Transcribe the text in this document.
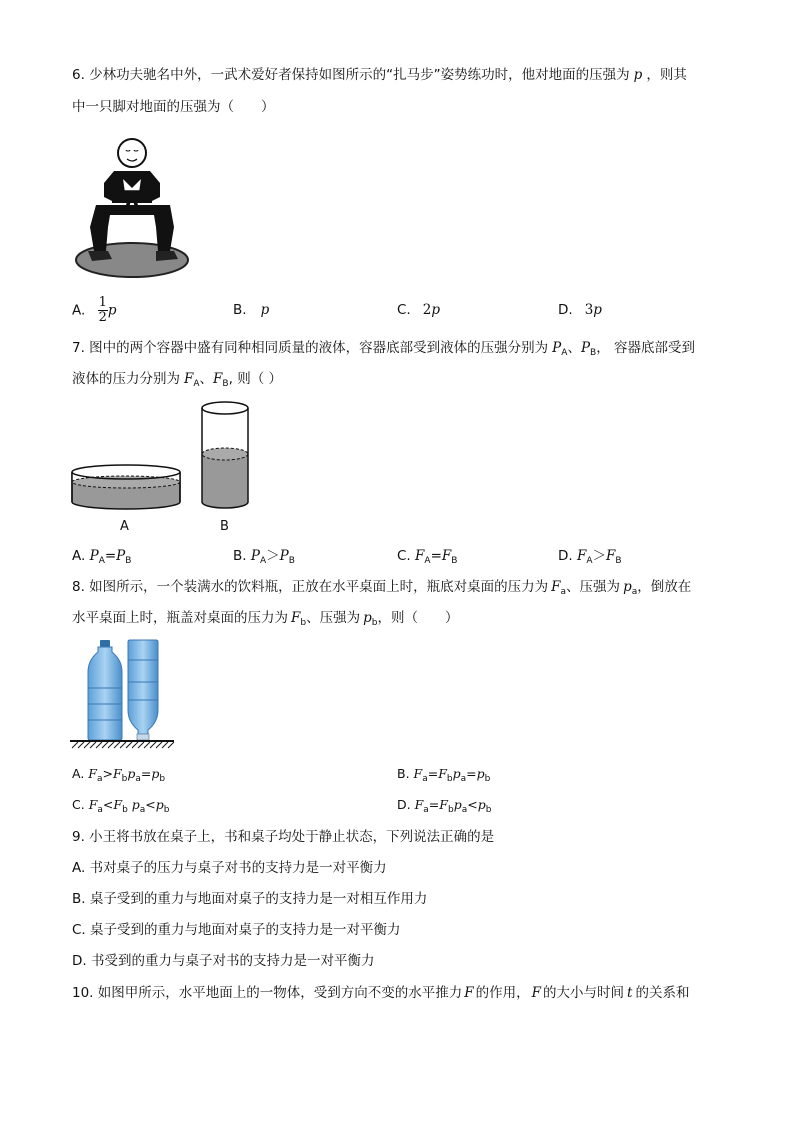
6. 少林功夫驰名中外，一武术爱好者保持如图所示的“扎马步”姿势练功时，他对地面的压强为 p ，则其
中一只脚对地面的压强为（　　）
A. $\frac{1}{2}$ p	B. p	C. 2p	D. 3p
7. 图中的两个容器中盛有同种相同质量的液体，容器底部受到液体的压强分别为 $P_A$、$P_B$， 容器底部受到
液体的压力分别为 $F_A$、$F_B$, 则（ ）
A	B
A. $P_A=P_B$	B. $P_A>P_B$	C. $F_A=F_B$	D. $F_A>F_B$
8. 如图所示，一个装满水的饮料瓶，正放在水平桌面上时，瓶底对桌面的压力为 $F_a$、压强为 $p_a$，倒放在
水平桌面上时，瓶盖对桌面的压力为 $F_b$、压强为 $p_b$，则（　　）
A. $F_a>F_bp_a=p_b$	B. $F_a=F_bp_a=p_b$
C. $F_a<F_b$ $p_a<p_b$	D. $F_a=F_bp_a<p_b$
9. 小王将书放在桌子上，书和桌子均处于静止状态，下列说法正确的是
A. 书对桌子的压力与桌子对书的支持力是一对平衡力
B. 桌子受到的重力与地面对桌子的支持力是一对相互作用力
C. 桌子受到的重力与地面对桌子的支持力是一对平衡力
D. 书受到的重力与桌子对书的支持力是一对平衡力
10. 如图甲所示，水平地面上的一物体，受到方向不变的水平推力 F 的作用， F 的大小与时间 t 的关系和
